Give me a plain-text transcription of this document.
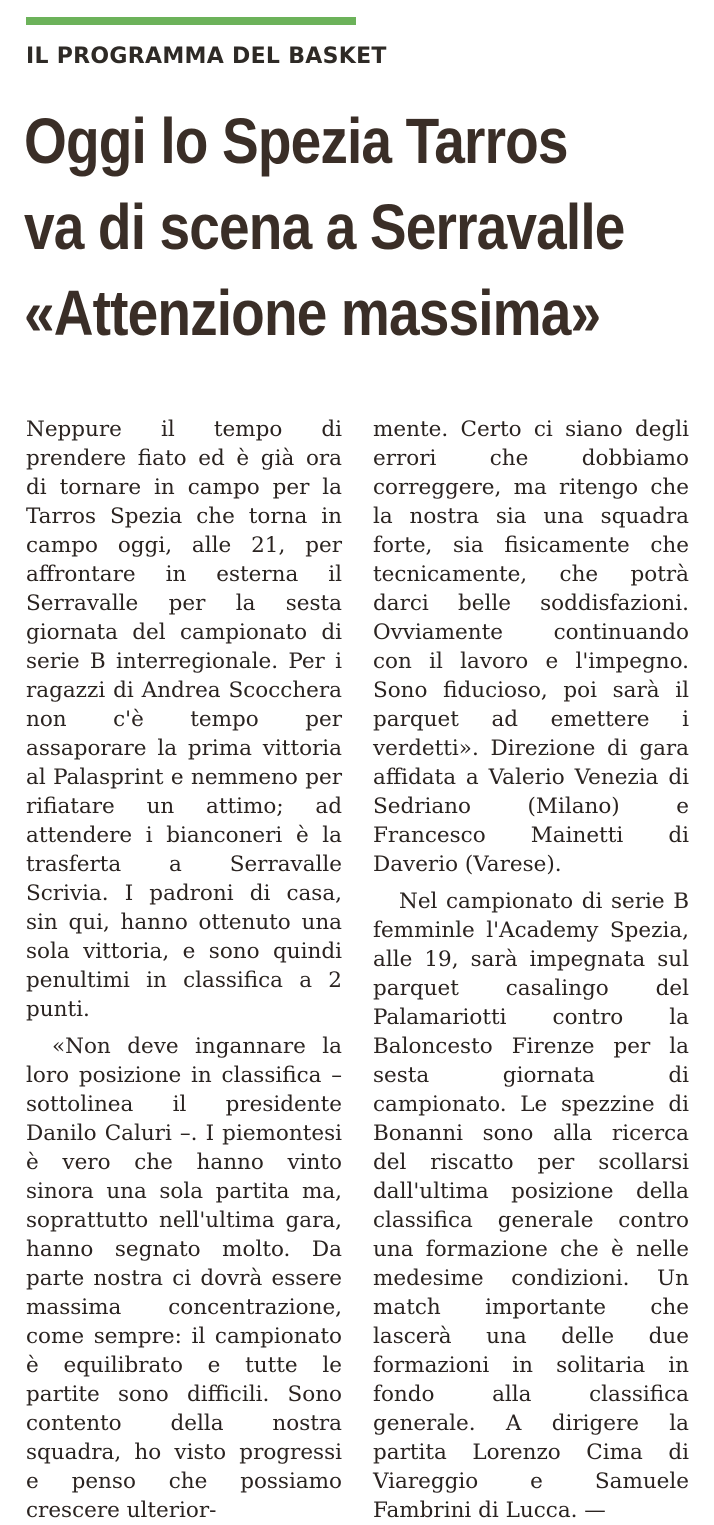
IL PROGRAMMA DEL BASKET
Oggi lo Spezia Tarros
va di scena a Serravalle
«Attenzione massima»

Neppure il tempo di prendere fiato ed è già ora di tornare in campo per la Tarros Spezia che torna in campo oggi, alle 21, per affrontare in esterna il Serravalle per la sesta giornata del campionato di serie B interregionale. Per i ragazzi di Andrea Scocchera non c'è tempo per assaporare la prima vittoria al Palasprint e nemmeno per rifiatare un attimo; ad attendere i bianconeri è la trasferta a Serravalle Scrivia. I padroni di casa, sin qui, hanno ottenuto una sola vittoria, e sono quindi penultimi in classifica a 2 punti.

«Non deve ingannare la loro posizione in classifica – sottolinea il presidente Danilo Caluri –. I piemontesi è vero che hanno vinto sinora una sola partita ma, soprattutto nell'ultima gara, hanno segnato molto. Da parte nostra ci dovrà essere massima concentrazione, come sempre: il campionato è equilibrato e tutte le partite sono difficili. Sono contento della nostra squadra, ho visto progressi e penso che possiamo crescere ulterior-

mente. Certo ci siano degli errori che dobbiamo correggere, ma ritengo che la nostra sia una squadra forte, sia fisicamente che tecnicamente, che potrà darci belle soddisfazioni. Ovviamente continuando con il lavoro e l'impegno. Sono fiducioso, poi sarà il parquet ad emettere i verdetti». Direzione di gara affidata a Valerio Venezia di Sedriano (Milano) e Francesco Mainetti di Daverio (Varese).

Nel campionato di serie B femminle l'Academy Spezia, alle 19, sarà impegnata sul parquet casalingo del Palamariotti contro la Baloncesto Firenze per la sesta giornata di campionato. Le spezzine di Bonanni sono alla ricerca del riscatto per scollarsi dall'ultima posizione della classifica generale contro una formazione che è nelle medesime condizioni. Un match importante che lascerà una delle due formazioni in solitaria in fondo alla classifica generale. A dirigere la partita Lorenzo Cima di Viareggio e Samuele Fambrini di Lucca. —
